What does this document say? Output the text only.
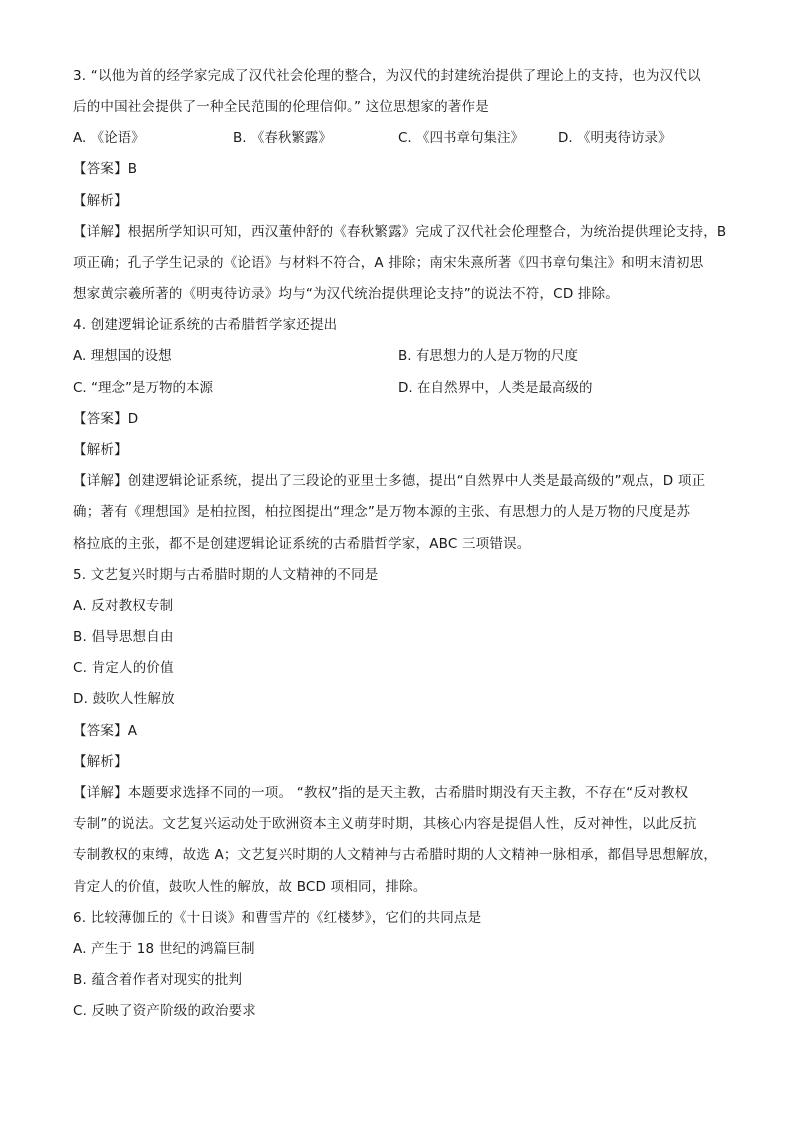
3. “以他为首的经学家完成了汉代社会伦理的整合，为汉代的封建统治提供了理论上的支持，也为汉代以
后的中国社会提供了一种全民范围的伦理信仰。” 这位思想家的著作是
A. 《论语》	B. 《春秋繁露》	C. 《四书章句集注》	D. 《明夷待访录》
【答案】B
【解析】
【详解】根据所学知识可知，西汉董仲舒的《春秋繁露》完成了汉代社会伦理整合，为统治提供理论支持，B
项正确；孔子学生记录的《论语》与材料不符合，A 排除；南宋朱熹所著《四书章句集注》和明末清初思
想家黄宗羲所著的《明夷待访录》均与“为汉代统治提供理论支持”的说法不符，CD 排除。
4. 创建逻辑论证系统的古希腊哲学家还提出
A. 理想国的设想	B. 有思想力的人是万物的尺度
C. “理念”是万物的本源	D. 在自然界中，人类是最高级的
【答案】D
【解析】
【详解】创建逻辑论证系统，提出了三段论的亚里士多德，提出“自然界中人类是最高级的”观点，D 项正
确；著有《理想国》是柏拉图，柏拉图提出“理念”是万物本源的主张、有思想力的人是万物的尺度是苏
格拉底的主张，都不是创建逻辑论证系统的古希腊哲学家，ABC 三项错误。
5. 文艺复兴时期与古希腊时期的人文精神的不同是
A. 反对教权专制
B. 倡导思想自由
C. 肯定人的价值
D. 鼓吹人性解放
【答案】A
【解析】
【详解】本题要求选择不同的一项。 “教权”指的是天主教，古希腊时期没有天主教，不存在“反对教权
专制”的说法。文艺复兴运动处于欧洲资本主义萌芽时期，其核心内容是提倡人性，反对神性，以此反抗
专制教权的束缚，故选 A；文艺复兴时期的人文精神与古希腊时期的人文精神一脉相承，都倡导思想解放，
肯定人的价值，鼓吹人性的解放，故 BCD 项相同，排除。
6. 比较薄伽丘的《十日谈》和曹雪芹的《红楼梦》，它们的共同点是
A. 产生于 18 世纪的鸿篇巨制
B. 蕴含着作者对现实的批判
C. 反映了资产阶级的政治要求
